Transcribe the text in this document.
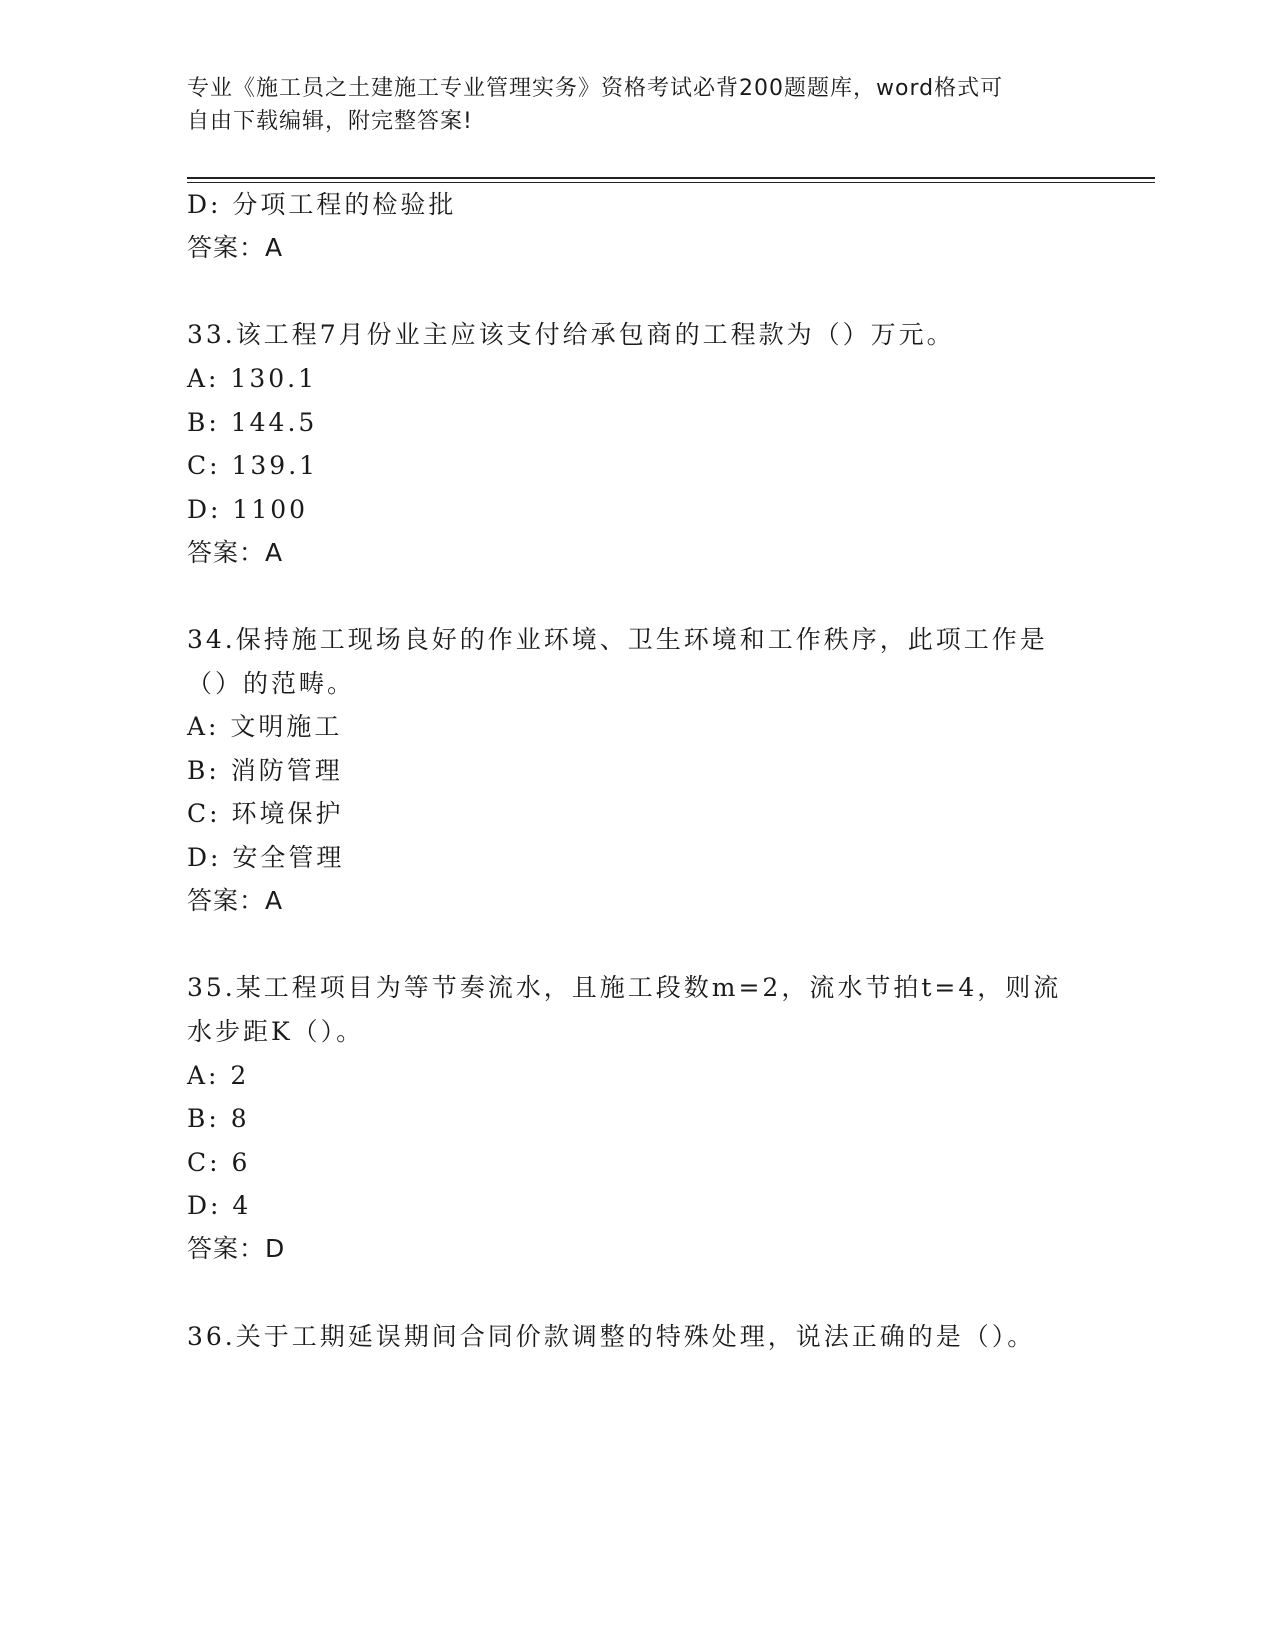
专业《施工员之土建施工专业管理实务》资格考试必背200题题库，word格式可
自由下载编辑，附完整答案!
D: 分项工程的检验批
答案：A
33.该工程7月份业主应该支付给承包商的工程款为（）万元。
A: 130.1
B: 144.5
C: 139.1
D: 1100
答案：A
34.保持施工现场良好的作业环境、卫生环境和工作秩序，此项工作是
（）的范畴。
A: 文明施工
B: 消防管理
C: 环境保护
D: 安全管理
答案：A
35.某工程项目为等节奏流水，且施工段数m=2，流水节拍t=4，则流
水步距K（）。
A: 2
B: 8
C: 6
D: 4
答案：D
36.关于工期延误期间合同价款调整的特殊处理，说法正确的是（）。
